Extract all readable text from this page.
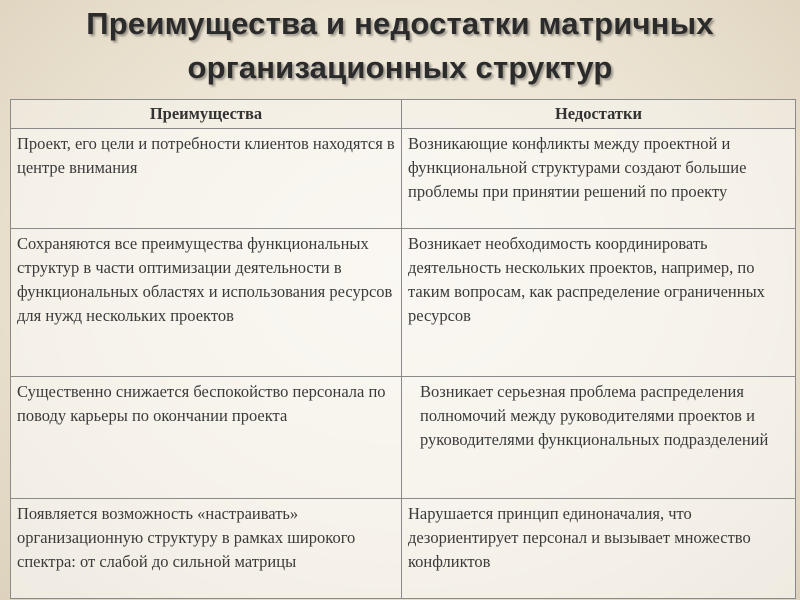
Преимущества и недостатки матричных
организационных структур
Преимущества	Недостатки
Проект, его цели и потребности клиентов находятся в центре внимания	Возникающие конфликты между проектной и функциональной структурами создают большие проблемы при принятии решений по проекту
Сохраняются все преимущества функциональных структур в части оптимизации деятельности в функциональных областях и использования ресурсов для нужд нескольких проектов	Возникает необходимость координировать деятельность нескольких проектов, например, по таким вопросам, как распределение ограниченных ресурсов
Существенно снижается беспокойство персонала по поводу карьеры по окончании проекта	Возникает серьезная проблема распределения полномочий между руководителями проектов и руководителями функциональных подразделений
Появляется возможность «настраивать» организационную структуру в рамках широкого спектра: от слабой до сильной матрицы	Нарушается принцип единоначалия, что дезориентирует персонал и вызывает множество конфликтов
